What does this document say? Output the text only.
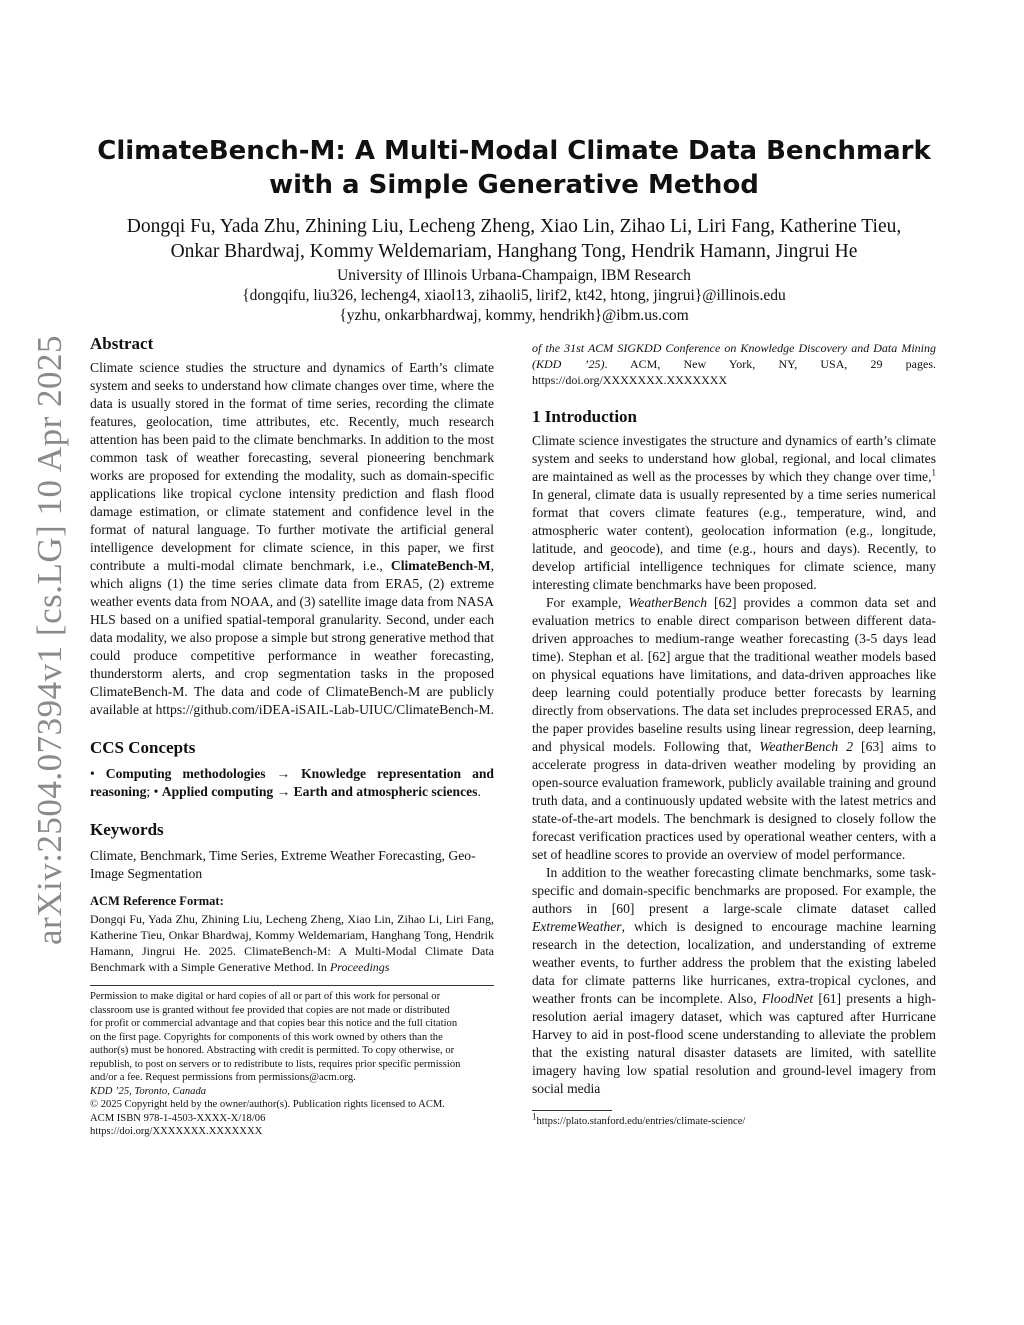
arXiv:2504.07394v1 [cs.LG] 10 Apr 2025
ClimateBench-M: A Multi-Modal Climate Data Benchmark
with a Simple Generative Method
Dongqi Fu, Yada Zhu, Zhining Liu, Lecheng Zheng, Xiao Lin, Zihao Li, Liri Fang, Katherine Tieu,
Onkar Bhardwaj, Kommy Weldemariam, Hanghang Tong, Hendrik Hamann, Jingrui He
University of Illinois Urbana-Champaign, IBM Research
{dongqifu, liu326, lecheng4, xiaol13, zihaoli5, lirif2, kt42, htong, jingrui}@illinois.edu
{yzhu, onkarbhardwaj, kommy, hendrikh}@ibm.us.com
Abstract

Climate science studies the structure and dynamics of Earth’s climate system and seeks to understand how climate changes over time, where the data is usually stored in the format of time series, recording the climate features, geolocation, time attributes, etc. Recently, much research attention has been paid to the climate benchmarks. In addition to the most common task of weather forecasting, several pioneering benchmark works are proposed for extending the modality, such as domain-specific applications like tropical cyclone intensity prediction and flash flood damage estimation, or climate statement and confidence level in the format of natural language. To further motivate the artificial general intelligence development for climate science, in this paper, we first contribute a multi-modal climate benchmark, i.e., ClimateBench-M, which aligns (1) the time series climate data from ERA5, (2) extreme weather events data from NOAA, and (3) satellite image data from NASA HLS based on a unified spatial-temporal granularity. Second, under each data modality, we also propose a simple but strong generative method that could produce competitive performance in weather forecasting, thunderstorm alerts, and crop segmentation tasks in the proposed ClimateBench-M. The data and code of ClimateBench-M are publicly available at https://github.com/iDEA-iSAIL-Lab-UIUC/ClimateBench-M.

CCS Concepts

• Computing methodologies → Knowledge representation and reasoning; • Applied computing → Earth and atmospheric sciences.

Keywords

Climate, Benchmark, Time Series, Extreme Weather Forecasting, Geo-Image Segmentation

ACM Reference Format:

Dongqi Fu, Yada Zhu, Zhining Liu, Lecheng Zheng, Xiao Lin, Zihao Li, Liri Fang, Katherine Tieu, Onkar Bhardwaj, Kommy Weldemariam, Hanghang Tong, Hendrik Hamann, Jingrui He. 2025. ClimateBench-M: A Multi-Modal Climate Data Benchmark with a Simple Generative Method. In Proceedings

Permission to make digital or hard copies of all or part of this work for personal or
classroom use is granted without fee provided that copies are not made or distributed
for profit or commercial advantage and that copies bear this notice and the full citation
on the first page. Copyrights for components of this work owned by others than the
author(s) must be honored. Abstracting with credit is permitted. To copy otherwise, or
republish, to post on servers or to redistribute to lists, requires prior specific permission
and/or a fee. Request permissions from permissions@acm.org.
KDD ’25, Toronto, Canada
© 2025 Copyright held by the owner/author(s). Publication rights licensed to ACM.
ACM ISBN 978-1-4503-XXXX-X/18/06
https://doi.org/XXXXXXX.XXXXXXX

of the 31st ACM SIGKDD Conference on Knowledge Discovery and Data Mining (KDD ’25). ACM, New York, NY, USA, 29 pages. https://doi.org/XXXXXXX.XXXXXXX

1 Introduction

Climate science investigates the structure and dynamics of earth’s climate system and seeks to understand how global, regional, and local climates are maintained as well as the processes by which they change over time,$^1$ In general, climate data is usually represented by a time series numerical format that covers climate features (e.g., temperature, wind, and atmospheric water content), geolocation information (e.g., longitude, latitude, and geocode), and time (e.g., hours and days). Recently, to develop artificial intelligence techniques for climate science, many interesting climate benchmarks have been proposed.

For example, WeatherBench [62] provides a common data set and evaluation metrics to enable direct comparison between different data-driven approaches to medium-range weather forecasting (3-5 days lead time). Stephan et al. [62] argue that the traditional weather models based on physical equations have limitations, and data-driven approaches like deep learning could potentially produce better forecasts by learning directly from observations. The data set includes preprocessed ERA5, and the paper provides baseline results using linear regression, deep learning, and physical models. Following that, WeatherBench 2 [63] aims to accelerate progress in data-driven weather modeling by providing an open-source evaluation framework, publicly available training and ground truth data, and a continuously updated website with the latest metrics and state-of-the-art models. The benchmark is designed to closely follow the forecast verification practices used by operational weather centers, with a set of headline scores to provide an overview of model performance.

In addition to the weather forecasting climate benchmarks, some task-specific and domain-specific benchmarks are proposed. For example, the authors in [60] present a large-scale climate dataset called ExtremeWeather, which is designed to encourage machine learning research in the detection, localization, and understanding of extreme weather events, to further address the problem that the existing labeled data for climate patterns like hurricanes, extra-tropical cyclones, and weather fronts can be incomplete. Also, FloodNet [61] presents a high-resolution aerial imagery dataset, which was captured after Hurricane Harvey to aid in post-flood scene understanding to alleviate the problem that the existing natural disaster datasets are limited, with satellite imagery having low spatial resolution and ground-level imagery from social media

$^1$https://plato.stanford.edu/entries/climate-science/
